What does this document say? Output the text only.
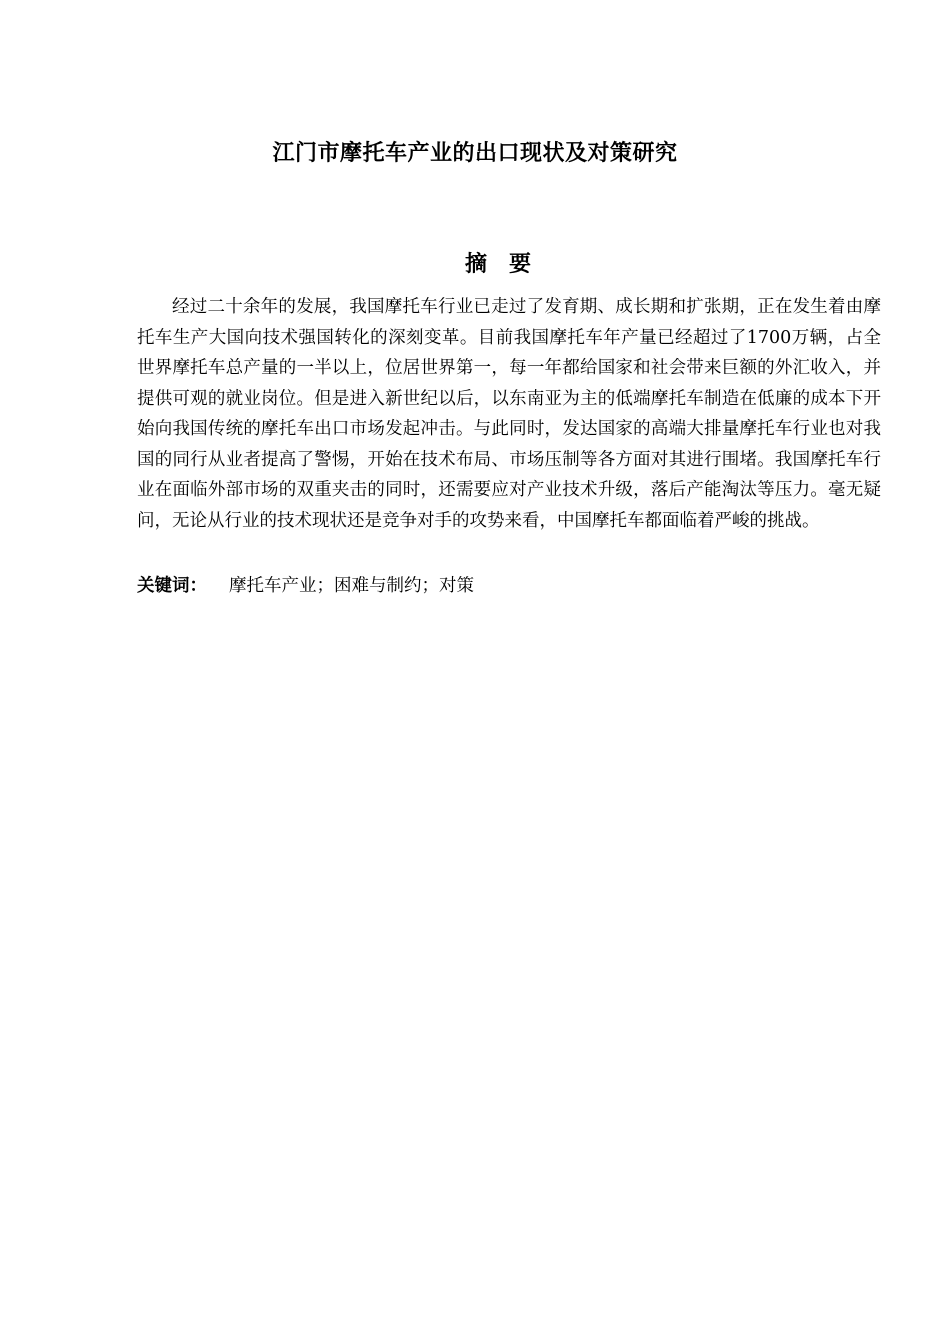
江门市摩托车产业的出口现状及对策研究
摘 要

经过二十余年的发展，我国摩托车行业已走过了发育期、成长期和扩张期，正在发生着由摩托车生产大国向技术强国转化的深刻变革。目前我国摩托车年产量已经超过了1700万辆，占全世界摩托车总产量的一半以上，位居世界第一，每一年都给国家和社会带来巨额的外汇收入，并提供可观的就业岗位。但是进入新世纪以后，以东南亚为主的低端摩托车制造在低廉的成本下开始向我国传统的摩托车出口市场发起冲击。与此同时，发达国家的高端大排量摩托车行业也对我国的同行从业者提高了警惕，开始在技术布局、市场压制等各方面对其进行围堵。我国摩托车行业在面临外部市场的双重夹击的同时，还需要应对产业技术升级，落后产能淘汰等压力。毫无疑问，无论从行业的技术现状还是竞争对手的攻势来看，中国摩托车都面临着严峻的挑战。

关键词： 摩托车产业；困难与制约；对策
